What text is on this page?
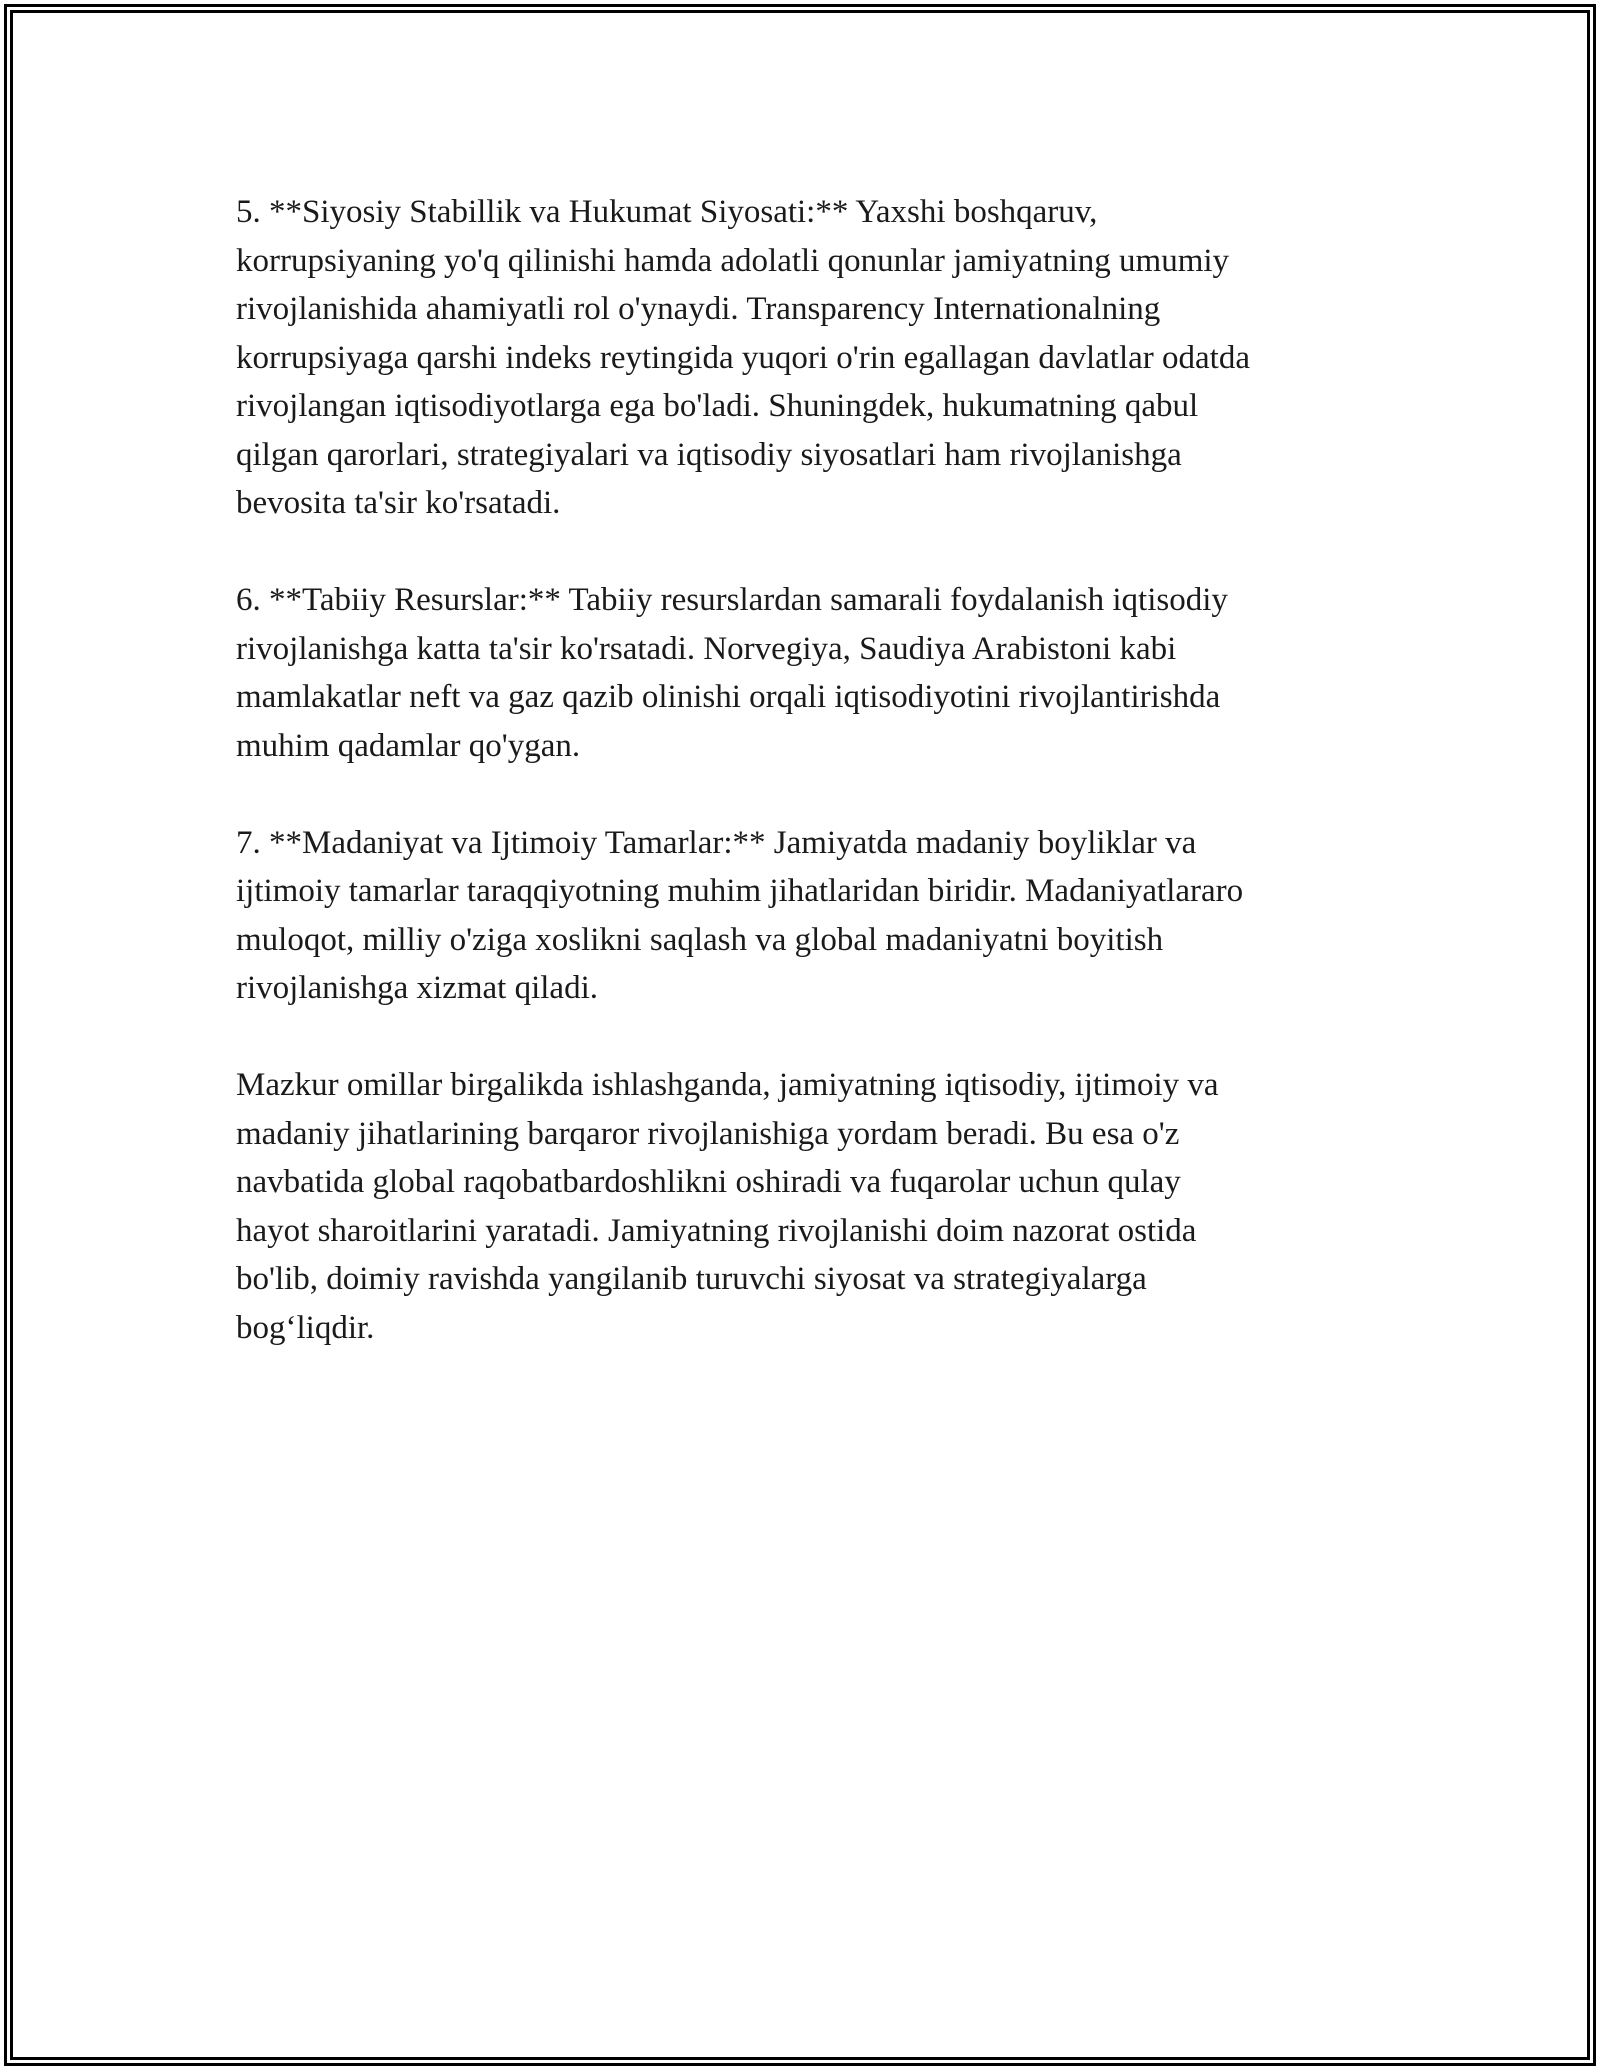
5. **Siyosiy Stabillik va Hukumat Siyosati:** Yaxshi boshqaruv,
korrupsiyaning yo'q qilinishi hamda adolatli qonunlar jamiyatning umumiy
rivojlanishida ahamiyatli rol o'ynaydi. Transparency Internationalning
korrupsiyaga qarshi indeks reytingida yuqori o'rin egallagan davlatlar odatda
rivojlangan iqtisodiyotlarga ega bo'ladi. Shuningdek, hukumatning qabul
qilgan qarorlari, strategiyalari va iqtisodiy siyosatlari ham rivojlanishga
bevosita ta'sir ko'rsatadi.

6. **Tabiiy Resurslar:** Tabiiy resurslardan samarali foydalanish iqtisodiy
rivojlanishga katta ta'sir ko'rsatadi. Norvegiya, Saudiya Arabistoni kabi
mamlakatlar neft va gaz qazib olinishi orqali iqtisodiyotini rivojlantirishda
muhim qadamlar qo'ygan.

7. **Madaniyat va Ijtimoiy Tamarlar:** Jamiyatda madaniy boyliklar va
ijtimoiy tamarlar taraqqiyotning muhim jihatlaridan biridir. Madaniyatlararo
muloqot, milliy o'ziga xoslikni saqlash va global madaniyatni boyitish
rivojlanishga xizmat qiladi.

Mazkur omillar birgalikda ishlashganda, jamiyatning iqtisodiy, ijtimoiy va
madaniy jihatlarining barqaror rivojlanishiga yordam beradi. Bu esa o'z
navbatida global raqobatbardoshlikni oshiradi va fuqarolar uchun qulay
hayot sharoitlarini yaratadi. Jamiyatning rivojlanishi doim nazorat ostida
bo'lib, doimiy ravishda yangilanib turuvchi siyosat va strategiyalarga
bog‘liqdir.
